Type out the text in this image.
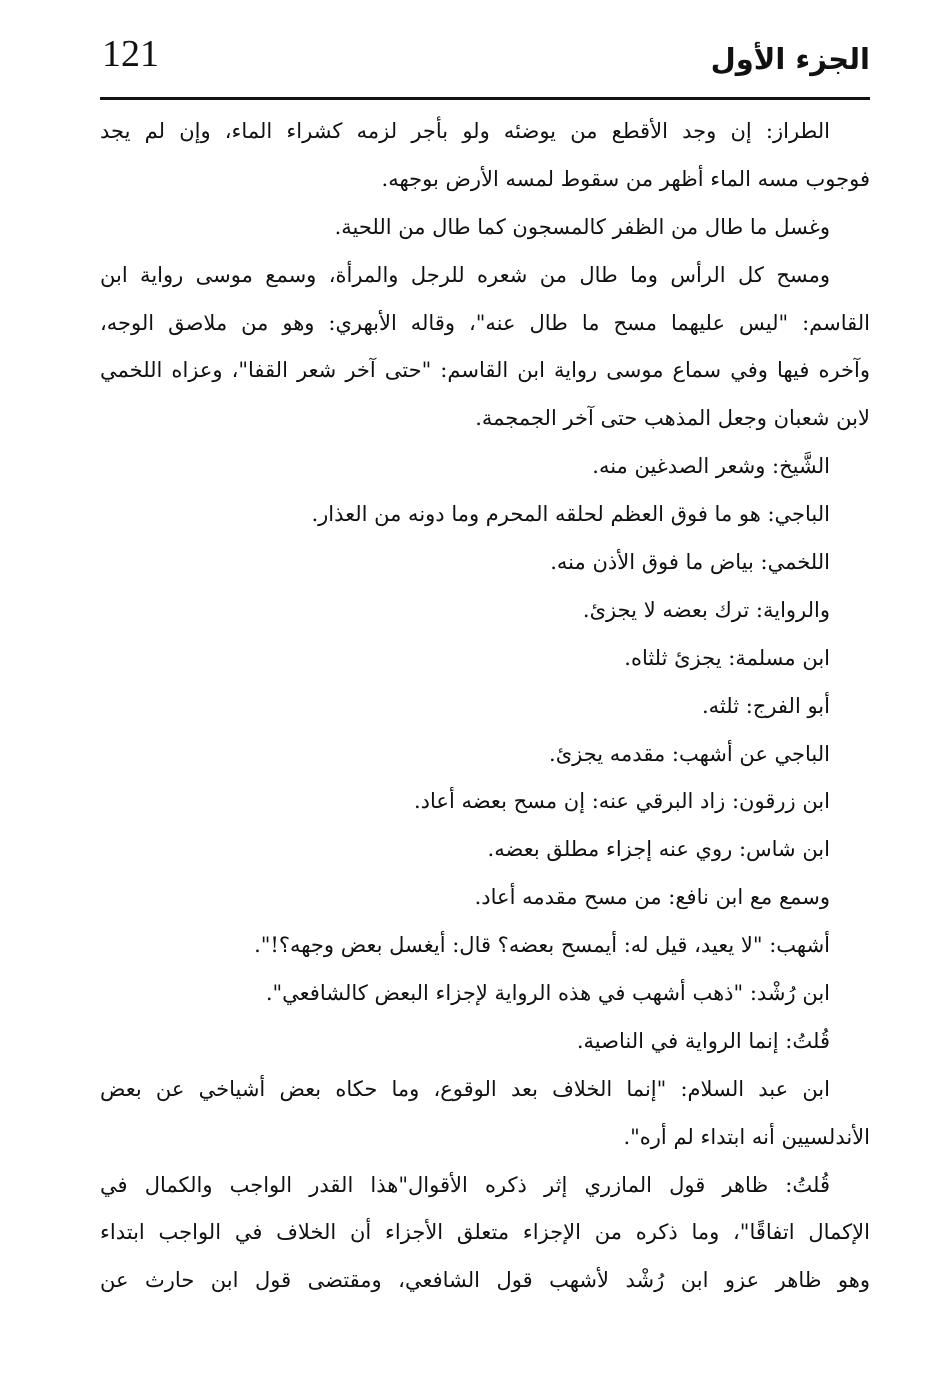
121	الجزء الأول
الطراز: إن وجد الأقطع من يوضئه ولو بأجر لزمه كشراء الماء، وإن لم يجد
فوجوب مسه الماء أظهر من سقوط لمسه الأرض بوجهه.
وغسل ما طال من الظفر كالمسجون كما طال من اللحية.
ومسح كل الرأس وما طال من شعره للرجل والمرأة، وسمع موسى رواية ابن
القاسم: "ليس عليهما مسح ما طال عنه"، وقاله الأبهري: وهو من ملاصق الوجه،
وآخره فيها وفي سماع موسى رواية ابن القاسم: "حتى آخر شعر القفا"، وعزاه اللخمي
لابن شعبان وجعل المذهب حتى آخر الجمجمة.
الشَّيخ: وشعر الصدغين منه.
الباجي: هو ما فوق العظم لحلقه المحرم وما دونه من العذار.
اللخمي: بياض ما فوق الأذن منه.
والرواية: ترك بعضه لا يجزئ.
ابن مسلمة: يجزئ ثلثاه.
أبو الفرج: ثلثه.
الباجي عن أشهب: مقدمه يجزئ.
ابن زرقون: زاد البرقي عنه: إن مسح بعضه أعاد.
ابن شاس: روي عنه إجزاء مطلق بعضه.
وسمع مع ابن نافع: من مسح مقدمه أعاد.
أشهب: "لا يعيد، قيل له: أيمسح بعضه؟ قال: أيغسل بعض وجهه؟!".
ابن رُشْد: "ذهب أشهب في هذه الرواية لإجزاء البعض كالشافعي".
قُلتُ: إنما الرواية في الناصية.
ابن عبد السلام: "إنما الخلاف بعد الوقوع، وما حكاه بعض أشياخي عن بعض
الأندلسيين أنه ابتداء لم أره".
قُلتُ: ظاهر قول المازري إثر ذكره الأقوال"هذا القدر الواجب والكمال في
الإكمال اتفاقًا"، وما ذكره من الإجزاء متعلق الأجزاء أن الخلاف في الواجب ابتداء
وهو ظاهر عزو ابن رُشْد لأشهب قول الشافعي، ومقتضى قول ابن حارث عن
